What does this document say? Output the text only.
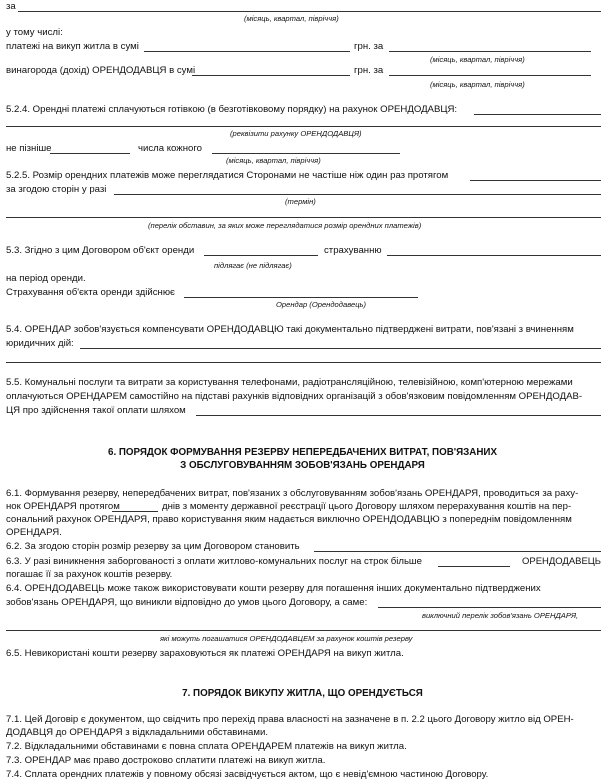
за
(місяць, квартал, півріччя)
у тому числі:
платежі на викуп житла в сумі	грн. за
(місяць, квартал, півріччя)
винагорода (дохід) ОРЕНДОДАВЦЯ в сумі	грн. за
(місяць, квартал, півріччя)
5.2.4. Орендні платежі сплачуються готівкою (в безготівковому порядку) на рахунок ОРЕНДОДАВЦЯ:
(реквізити рахунку ОРЕНДОДАВЦЯ)
не пізніше	числа кожного
(місяць, квартал, півріччя)
5.2.5. Розмір орендних платежів може переглядатися Сторонами не частіше ніж один раз протягом
за згодою сторін у разі
(термін)
(перелік обставин, за яких може переглядатися розмір орендних платежів)
5.3. Згідно з цим Договором об'єкт оренди	страхуванню
підлягає (не підлягає)
на період оренди.
Страхування об'єкта оренди здійснює
Орендар (Орендодавець)
5.4. ОРЕНДАР зобов'язується компенсувати ОРЕНДОДАВЦЮ такі документально підтверджені витрати, пов'язані з вчиненням
юридичних дій:
5.5. Комунальні послуги та витрати за користування телефонами, радіотрансляційною, телевізійною, комп'ютерною мережами
оплачуються ОРЕНДАРЕМ самостійно на підставі рахунків відповідних організацій з обов'язковим повідомленням ОРЕНДОДАВ-
ЦЯ про здійснення такої оплати шляхом
6. ПОРЯДОК ФОРМУВАННЯ РЕЗЕРВУ НЕПЕРЕДБАЧЕНИХ ВИТРАТ, ПОВ'ЯЗАНИХ
З ОБСЛУГОВУВАННЯМ ЗОБОВ'ЯЗАНЬ ОРЕНДАРЯ
6.1. Формування резерву, непередбачених витрат, пов'язаних з обслуговуванням зобов'язань ОРЕНДАРЯ, проводиться за раху-
нок ОРЕНДАРЯ протягом	днів з моменту державної реєстрації цього Договору шляхом перерахування коштів на пер-
сональний рахунок ОРЕНДАРЯ, право користування яким надається виключно ОРЕНДОДАВЦЮ з попереднім повідомленням
ОРЕНДАРЯ.
6.2. За згодою сторін розмір резерву за цим Договором становить
6.3. У разі виникнення заборгованості з оплати житлово-комунальних послуг на строк більше	ОРЕНДОДАВЕЦЬ
погашає її за рахунок коштів резерву.
6.4. ОРЕНДОДАВЕЦЬ може також використовувати кошти резерву для погашення інших документально підтверджених
зобов'язань ОРЕНДАРЯ, що виникли відповідно до умов цього Договору, а саме:
виключний перелік зобов'язань ОРЕНДАРЯ,
які можуть погашатися ОРЕНДОДАВЦЕМ за рахунок коштів резерву
6.5. Невикористані кошти резерву зараховуються як платежі ОРЕНДАРЯ на викуп житла.
7. ПОРЯДОК ВИКУПУ ЖИТЛА, ЩО ОРЕНДУЄТЬСЯ
7.1. Цей Договір є документом, що свідчить про перехід права власності на зазначене в п. 2.2 цього Договору житло від ОРЕН-
ДОДАВЦЯ до ОРЕНДАРЯ з відкладальними обставинами.
7.2. Відкладальними обставинами є повна сплата ОРЕНДАРЕМ платежів на викуп житла.
7.3. ОРЕНДАР має право достроково сплатити платежі на викуп житла.
7.4. Сплата орендних платежів у повному обсязі засвідчується актом, що є невід'ємною частиною Договору.
